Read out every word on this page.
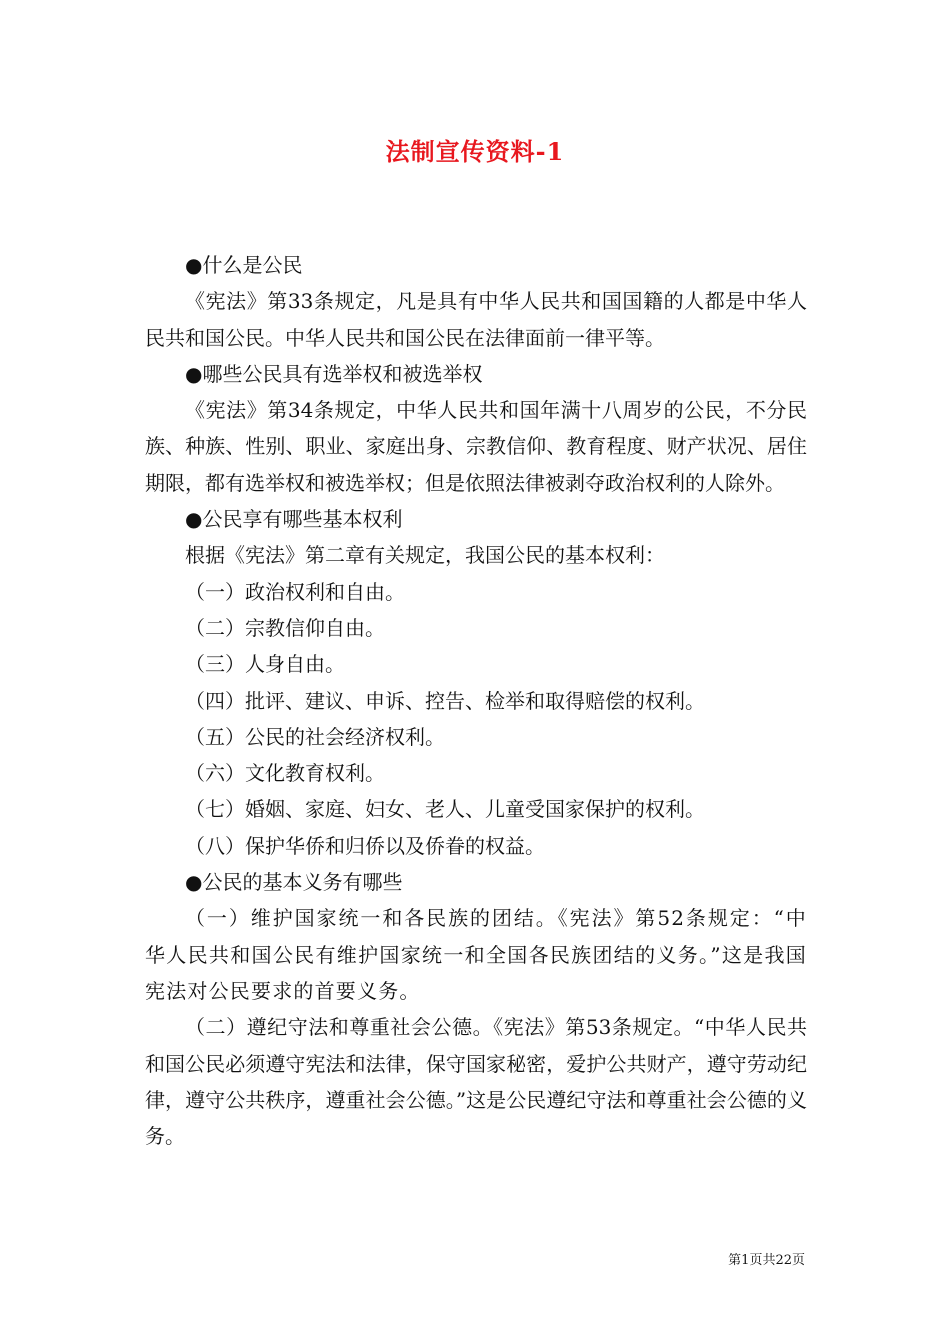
法制宣传资料-1

●什么是公民

《宪法》第33条规定，凡是具有中华人民共和国国籍的人都是中华人民共和国公民。中华人民共和国公民在法律面前一律平等。

●哪些公民具有选举权和被选举权

《宪法》第34条规定，中华人民共和国年满十八周岁的公民，不分民族、种族、性别、职业、家庭出身、宗教信仰、教育程度、财产状况、居住期限，都有选举权和被选举权；但是依照法律被剥夺政治权利的人除外。

●公民享有哪些基本权利

根据《宪法》第二章有关规定，我国公民的基本权利：

（一）政治权利和自由。

（二）宗教信仰自由。

（三）人身自由。

（四）批评、建议、申诉、控告、检举和取得赔偿的权利。

（五）公民的社会经济权利。

（六）文化教育权利。

（七）婚姻、家庭、妇女、老人、儿童受国家保护的权利。

（八）保护华侨和归侨以及侨眷的权益。

●公民的基本义务有哪些

（一）维护国家统一和各民族的团结。《宪法》第52条规定：“中华人民共和国公民有维护国家统一和全国各民族团结的义务。”这是我国宪法对公民要求的首要义务。

（二）遵纪守法和尊重社会公德。《宪法》第53条规定。“中华人民共和国公民必须遵守宪法和法律，保守国家秘密，爱护公共财产，遵守劳动纪律，遵守公共秩序，遵重社会公德。”这是公民遵纪守法和尊重社会公德的义务。

第1页共22页
